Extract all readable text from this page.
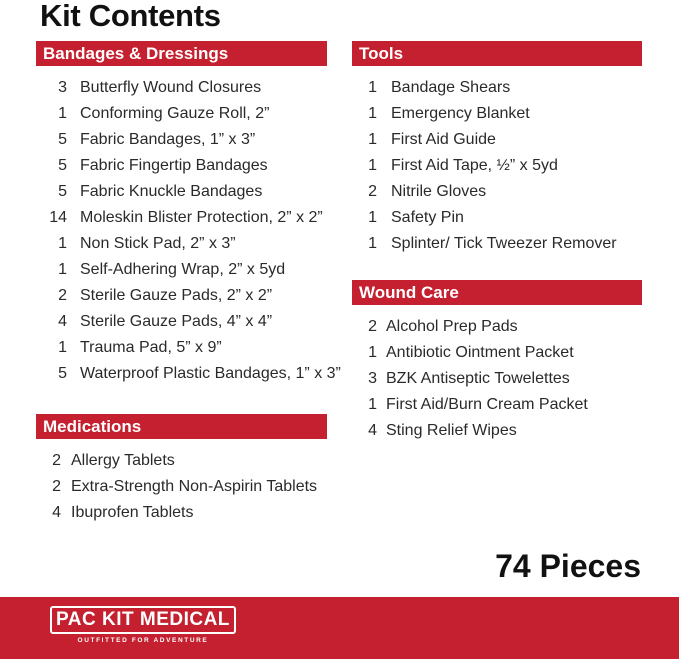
Kit Contents
Bandages & Dressings
3 Butterfly Wound Closures
1 Conforming Gauze Roll, 2”
5 Fabric Bandages, 1” x 3”
5 Fabric Fingertip Bandages
5 Fabric Knuckle Bandages
14 Moleskin Blister Protection, 2” x 2”
1 Non Stick Pad, 2” x 3”
1 Self-Adhering Wrap, 2” x 5yd
2 Sterile Gauze Pads, 2” x 2”
4 Sterile Gauze Pads, 4” x 4”
1 Trauma Pad, 5” x 9”
5 Waterproof Plastic Bandages, 1” x 3”
Medications
2 Allergy Tablets
2 Extra-Strength Non-Aspirin Tablets
4 Ibuprofen Tablets
Tools
1 Bandage Shears
1 Emergency Blanket
1 First Aid Guide
1 First Aid Tape, ½” x 5yd
2 Nitrile Gloves
1 Safety Pin
1 Splinter/ Tick Tweezer Remover
Wound Care
2 Alcohol Prep Pads
1 Antibiotic Ointment Packet
3 BZK Antiseptic Towelettes
1 First Aid/Burn Cream Packet
4 Sting Relief Wipes
74 Pieces
PAC KIT MEDICAL
OUTFITTED FOR ADVENTURE
